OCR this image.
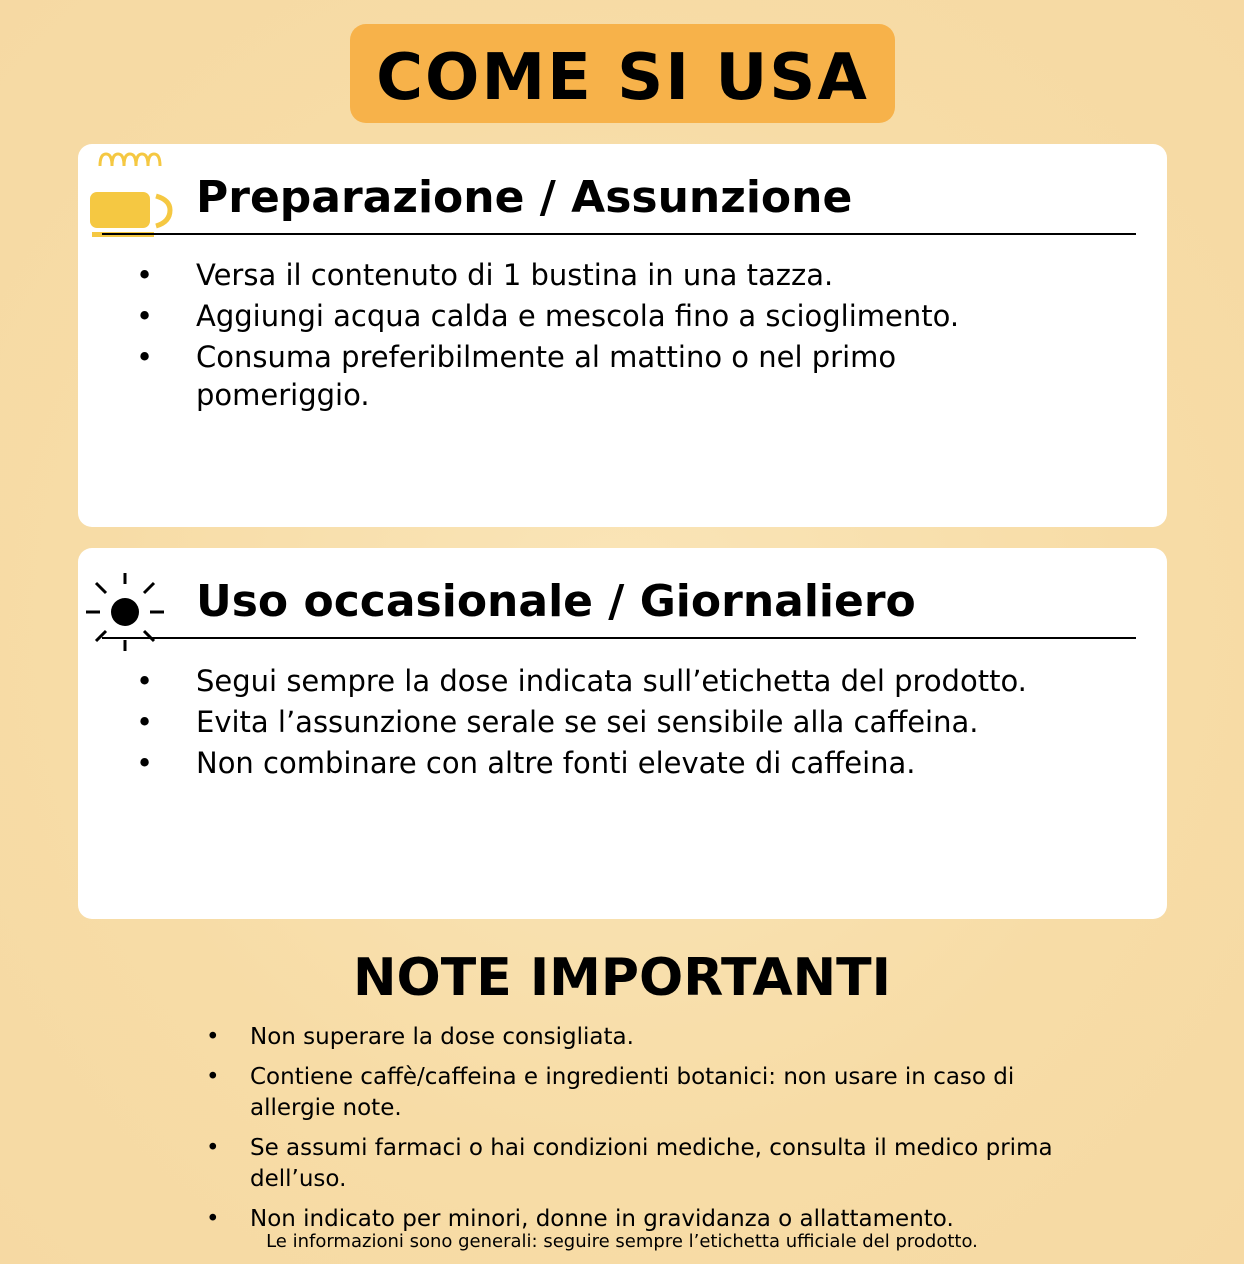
COME SI USA
Preparazione / Assunzione
• Versa il contenuto di 1 bustina in una tazza.
• Aggiungi acqua calda e mescola fino a scioglimento.
• Consuma preferibilmente al mattino o nel primo pomeriggio.
Uso occasionale / Giornaliero
• Segui sempre la dose indicata sull’etichetta del prodotto.
• Evita l’assunzione serale se sei sensibile alla caffeina.
• Non combinare con altre fonti elevate di caffeina.
NOTE IMPORTANTI
• Non superare la dose consigliata.
• Contiene caffè/caffeina e ingredienti botanici: non usare in caso di allergie note.
• Se assumi farmaci o hai condizioni mediche, consulta il medico prima dell’uso.
• Non indicato per minori, donne in gravidanza o allattamento.

Le informazioni sono generali: seguire sempre l’etichetta ufficiale del prodotto.
